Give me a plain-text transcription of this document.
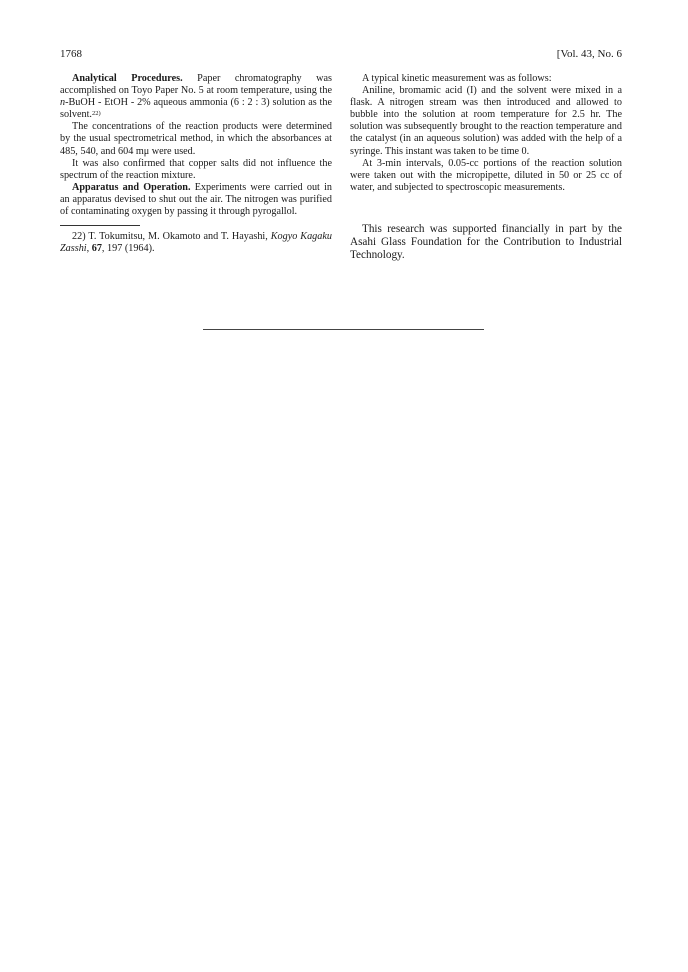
1768	[Vol. 43, No. 6

Analytical Procedures. Paper chromatography was accomplished on Toyo Paper No. 5 at room temperature, using the n-BuOH - EtOH - 2% aqueous ammonia (6 : 2 : 3) solution as the solvent.$^{22)}$

The concentrations of the reaction products were determined by the usual spectrometrical method, in which the absorbances at 485, 540, and 604 mμ were used.

It was also confirmed that copper salts did not influence the spectrum of the reaction mixture.

Apparatus and Operation. Experiments were carried out in an apparatus devised to shut out the air. The nitrogen was purified of contaminating oxygen by passing it through pyrogallol.

22) T. Tokumitsu, M. Okamoto and T. Hayashi, Kogyo Kagaku Zasshi, 67, 197 (1964).

A typical kinetic measurement was as follows:

Aniline, bromamic acid (I) and the solvent were mixed in a flask. A nitrogen stream was then introduced and allowed to bubble into the solution at room temperature for 2.5 hr. The solution was subsequently brought to the reaction temperature and the catalyst (in an aqueous solution) was added with the help of a syringe. This instant was taken to be time 0.

At 3-min intervals, 0.05-cc portions of the reaction solution were taken out with the micropipette, diluted in 50 or 25 cc of water, and subjected to spectroscopic measurements.

This research was supported financially in part by the Asahi Glass Foundation for the Contribution to Industrial Technology.
